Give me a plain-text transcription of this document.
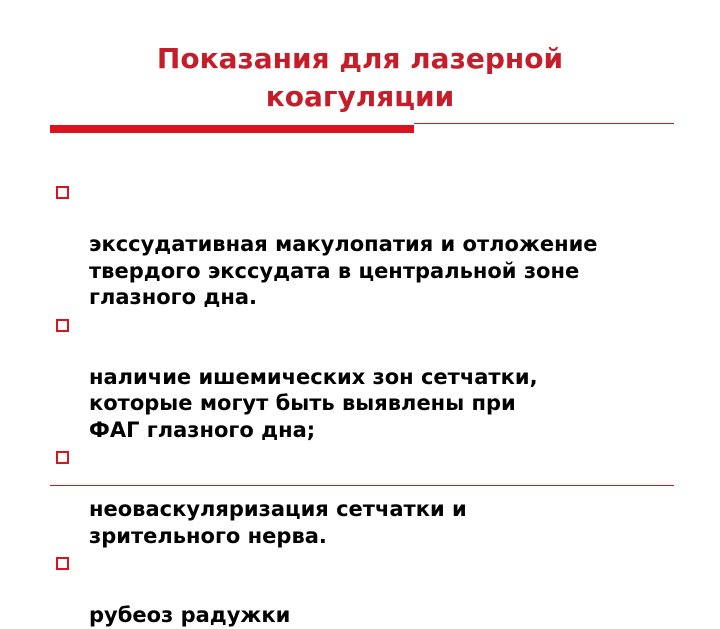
Показания для лазерной
коагуляции

экссудативная макулопатия и отложение
твердого экссудата в центральной зоне
глазного дна.

наличие ишемических зон сетчатки,
которые могут быть выявлены при
ФАГ глазного дна;

неоваскуляризация сетчатки и
зрительного нерва.

рубеоз радужки
